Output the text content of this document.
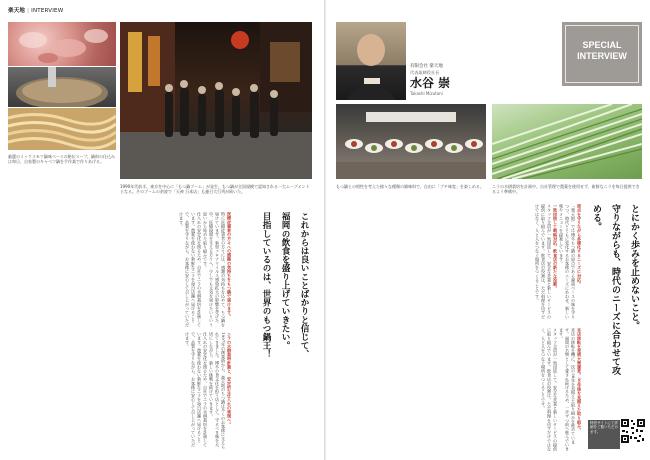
楽天地 | INTERVIEW
厳選のミックスモツ鍋味ベースの秘伝スープ。鍋料の仕込みは毎日、自家製のキャベツ鍋を手作業で作りあげる。
1990年代前半。東京を中心に「もつ鍋ブーム」が発生。もつ鍋が全国規模で認知される一大ムーブメントとなる。そのブームの余波で「天神 日本店」も連日大行列が続いた。
これからは良いことばかりと信じて、
福岡の飲食を盛り上げていきたい。
目指しているのは、世界のもつ鍋王！
医療従事者の方々への感謝の気持ちをもつ鍋で届けます。
特に医療従事者の方々には、感謝の気持ちを込めて、もつ鍋を届けています。新型コロナウイルス感染拡大の影響を受けた中、医療現場を支える方々へ、少しでも元気を届けたいという思いから始めた取り組みです。
仕入れの安定化を図るため、自社でニラの水耕栽培を計画しています。農薬を使わない新鮮なニラを毎日店舗へ届けることで、品質を守りながら、お客様に安心して召し上がっていただけます。
ニラの水耕栽培計画と、安定的な仕入れの実現へ。
1997年の創業時から、楽天地のもつ鍋は多くのお客様に支えられてきました。博多の食文化を担う店として、守るべき味を大切にしながら、新しい挑戦を続けていきます。
仕入れの安定化を図るため、自社でニラの水耕栽培を計画しています。農薬を使わない新鮮なニラを毎日店舗へ届けることで、品質を守りながら、お客様に安心して召し上がっていただけます。
有限会社 楽天地
代表取締役社長
水谷 崇
Takashi Mizutani
SPECIAL
INTERVIEW
もつ鍋との相性を考えた様々な種類の調味料で、自由に「ブチ味変」を楽しめる。	ニラの水耕栽培を計画中。自社管理で農薬を使用せず、新鮮なニラを毎日提供できるよう準備中。
とにかく歩みを止めないこと。
守りながらも、時代のニーズに合わせて攻める。

原点を守りながら多様化するニーズに対応。
「楽天地」では博多もつ鍋の原点である醤油ベースの味を守りつつ、時代とともに変化するお客様のニーズにあわせ、新しい味やメニューを提案しています。
一致団結して戦略対応、飲食店の新たな役割。
スタッフ全員が一致団結して、安全な営業と新しいサービスの提供に取り組んでいます。飲食店の役割は、ただ料理を出すだけではなく、人と人をつなぐ場所をつくることです。
本店移転を発展大衆運営。30年後を見据えた取り組み。
本店の移転を機に、次の30年を見据えた取り組みを進めています。福岡の名物として愛され続けるため、一歩ずつ前へ進んでいきます。
スタッフ全員が一致団結して、安全な営業と新しいサービスの提供に取り組んでいます。飲食店の役割は、ただ料理を出すだけではなく、人と人をつなぐ場所をつくることです。
特設サイトにて詳細をご覧いただけます。
